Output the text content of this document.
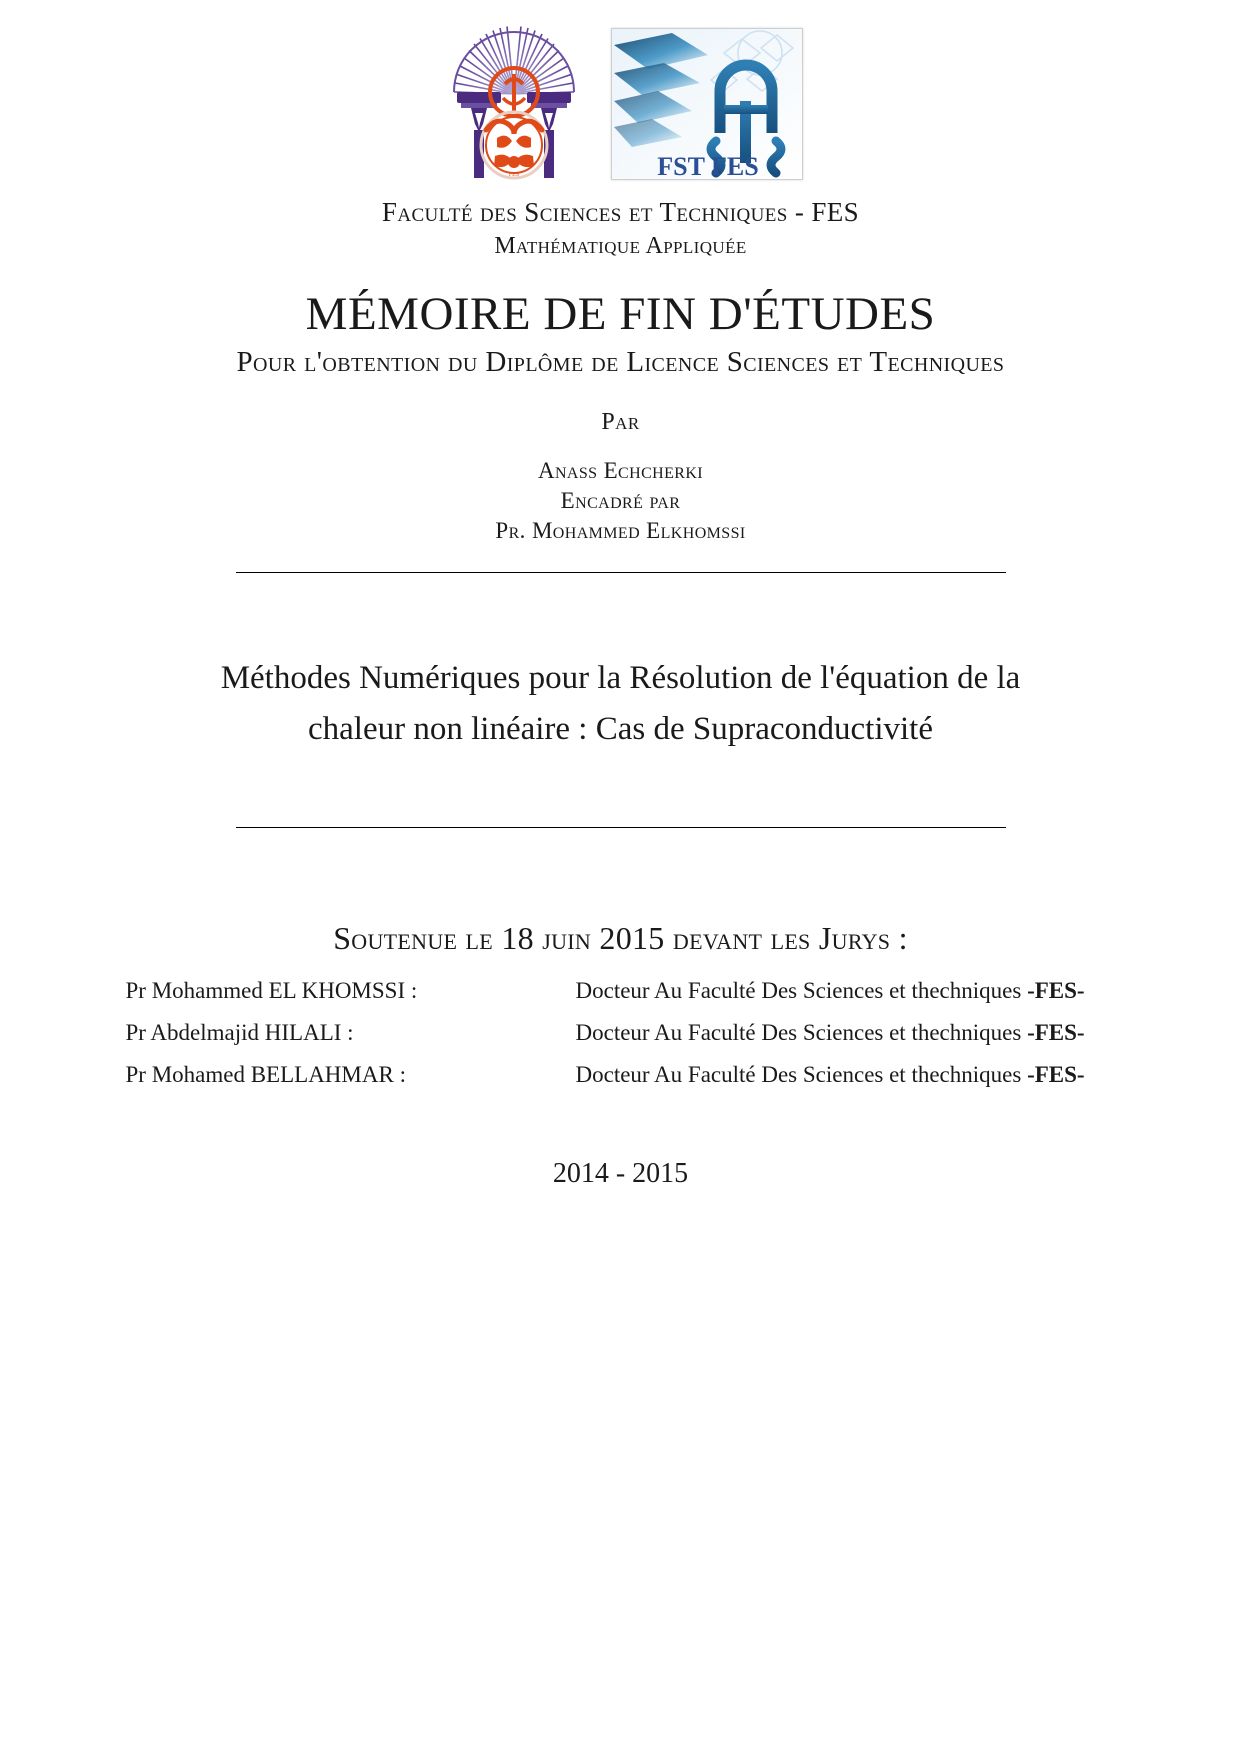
FES	FST FES
Faculté des Sciences et Techniques - FES
Mathématique Appliquée
MÉMOIRE DE FIN D'ÉTUDES
Pour l'obtention du Diplôme de Licence Sciences et Techniques
Par
Anass Echcherki
Encadré par
Pr. Mohammed Elkhomssi
Méthodes Numériques pour la Résolution de l'équation de la
chaleur non linéaire : Cas de Supraconductivité
Soutenue le 18 juin 2015 devant les Jurys :
Pr Mohammed EL KHOMSSI :	Docteur Au Faculté Des Sciences et thechniques -FES-
Pr Abdelmajid HILALI :	Docteur Au Faculté Des Sciences et thechniques -FES-
Pr Mohamed BELLAHMAR :	Docteur Au Faculté Des Sciences et thechniques -FES-
2014 - 2015
